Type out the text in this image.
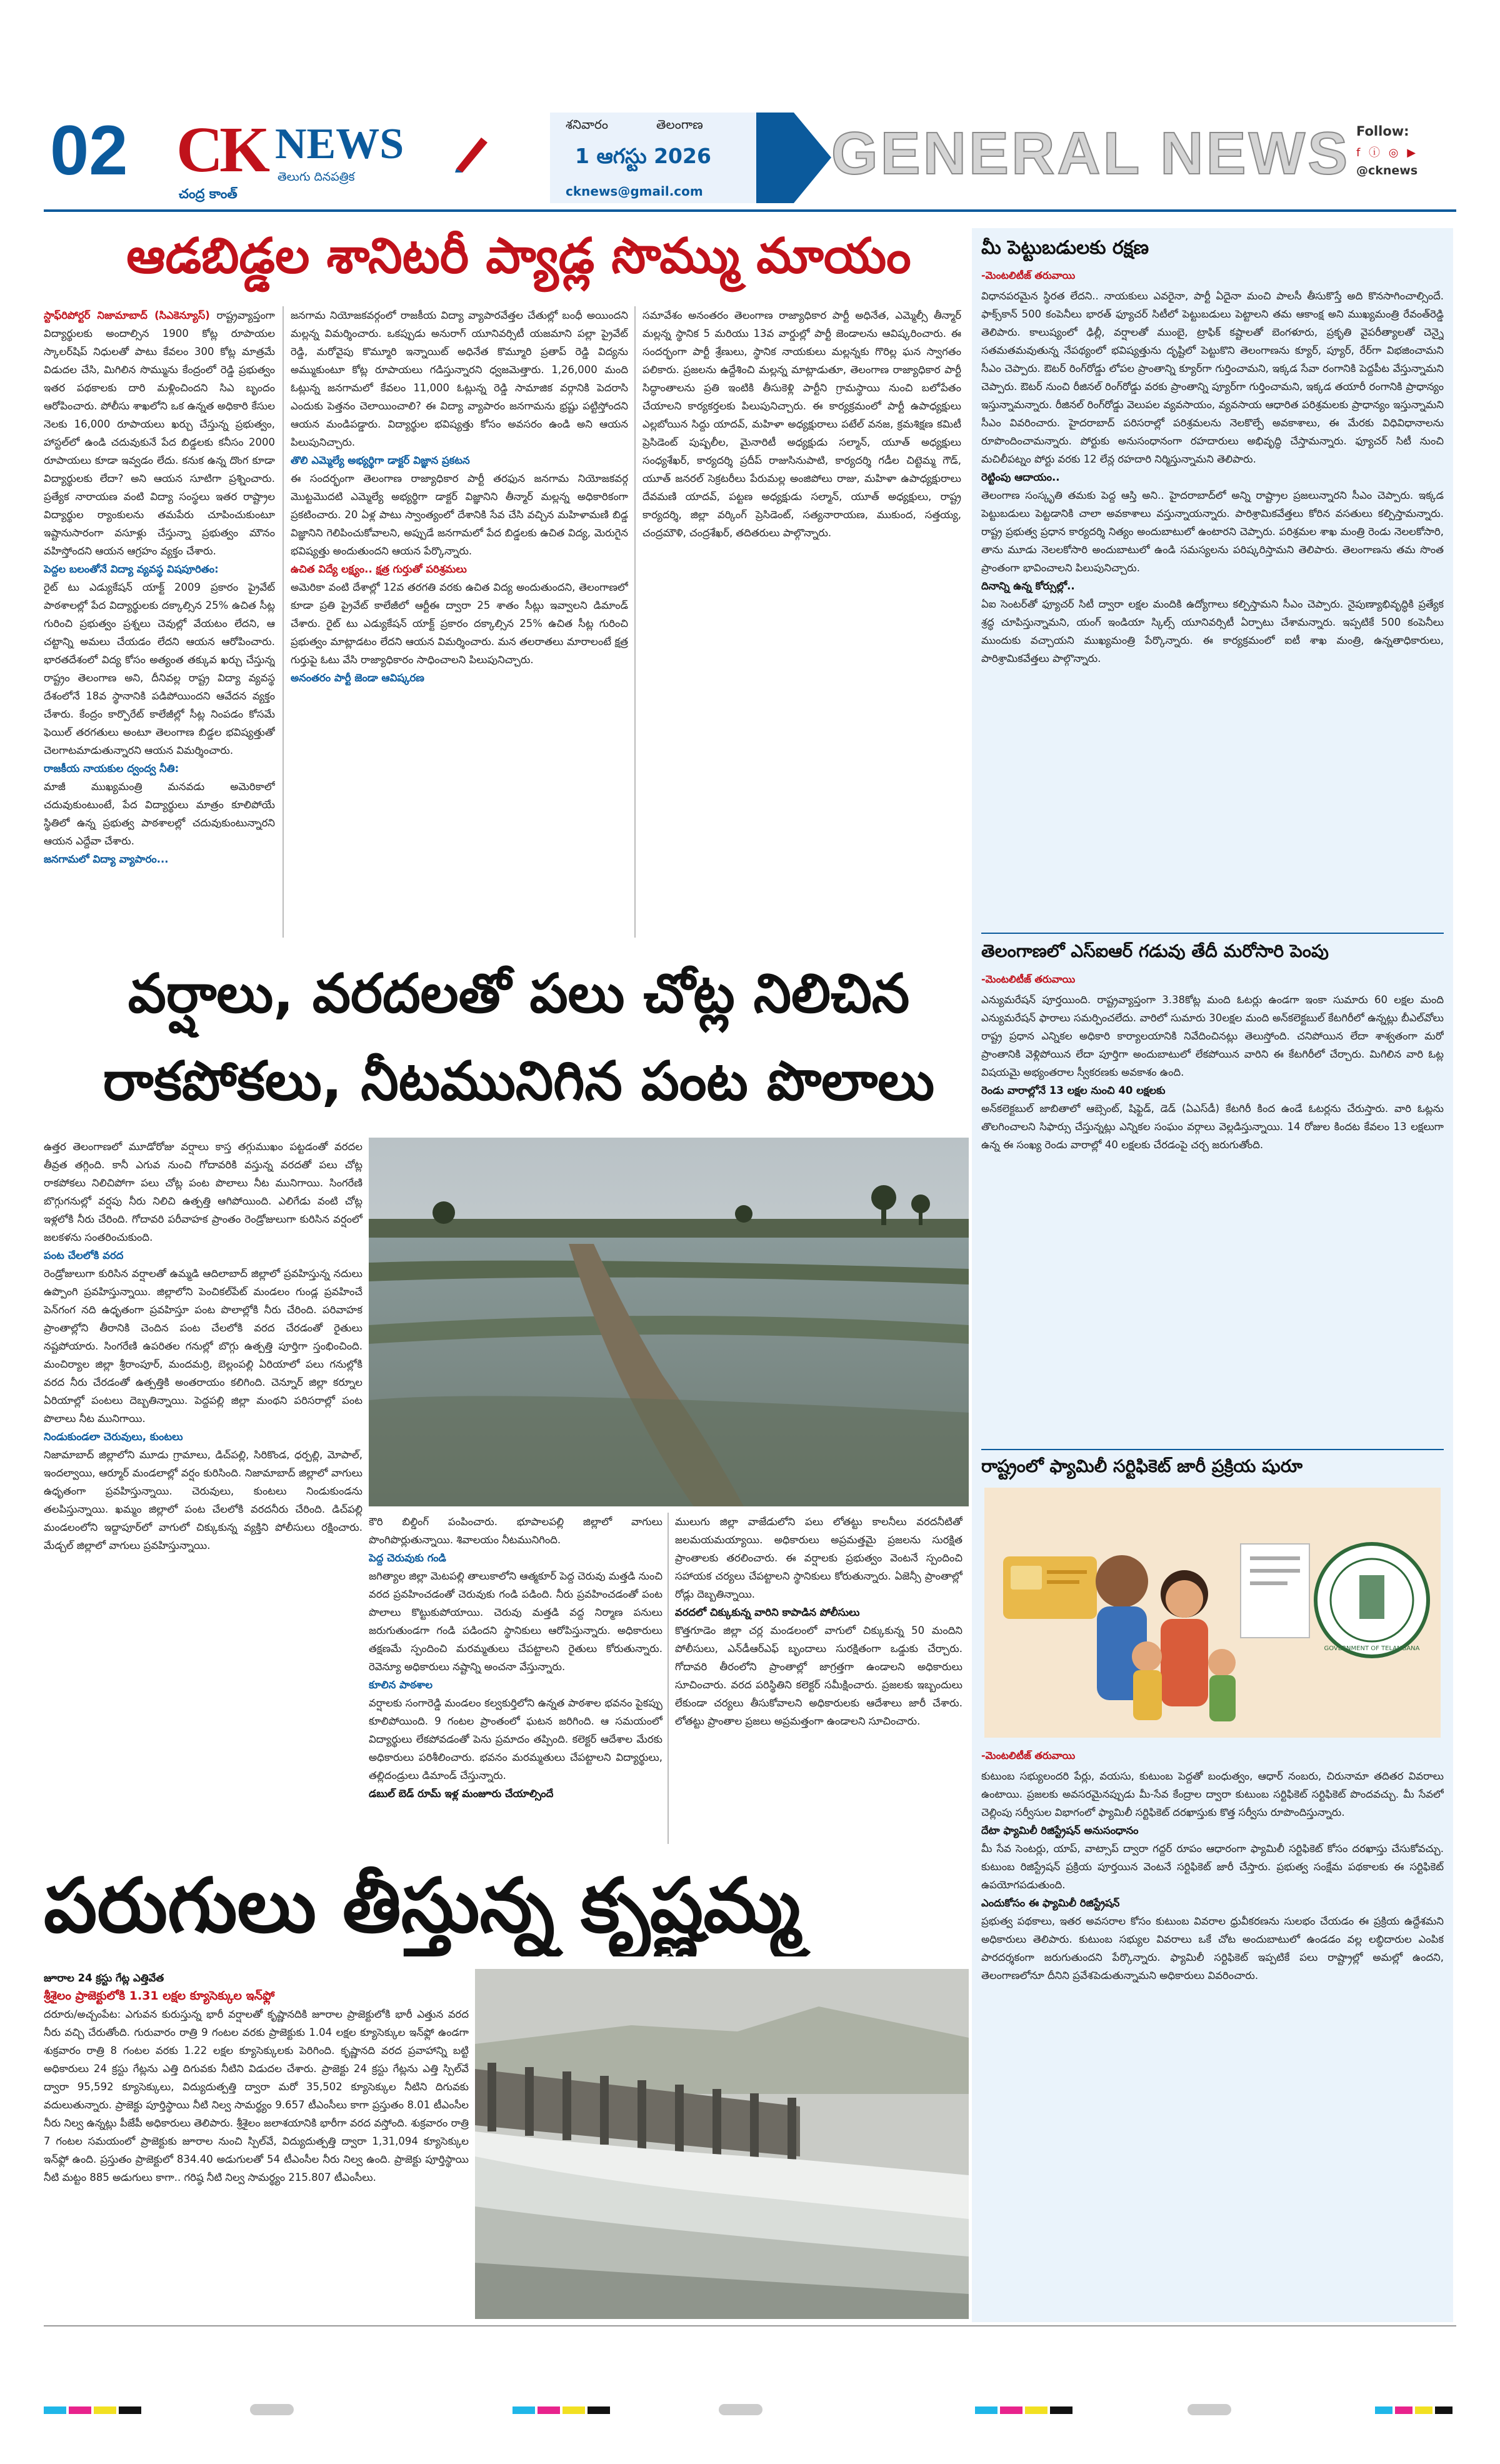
02 CK NEWS
తెలుగు దినపత్రిక
చంద్ర కాంత్
శనివారం	తెలంగాణ
1 ఆగస్టు 2026
cknews@gmail.com
GENERAL NEWS Follow:
f ⓘ ◎ ▶
@cknews
ఆడబిడ్డల శానిటరీ ప్యాడ్ల సొమ్ము మాయం
స్టాఫ్‌రిపోర్టర్ నిజామాబాద్ (సిఎ‌కెన్యూస్) రాష్ట్రవ్యాప్తంగా విద్యార్థులకు అందాల్సిన 1900 కోట్ల రూపాయల స్కాలర్‌షిప్ నిధులతో పాటు కేవలం 300 కోట్ల మాత్రమే విడుదల చేసి, మిగిలిన సొమ్మును కేంద్రంలో రెడ్డి ప్రభుత్వం ఇతర పథకాలకు దారి మళ్లించిందని సిఎ బృందం ఆరోపించారు. పోలీసు శాఖలోని ఒక ఉన్నత అధికారి కేసుల నెలకు 16,000 రూపాయలు ఖర్చు చేస్తున్న ప్రభుత్వం, హాస్టల్‌లో ఉండి చదువుకునే పేద బిడ్డలకు కనీసం 2000 రూపాయలు కూడా ఇవ్వడం లేదు. కనుక ఉన్న దొంగ కూడా విద్యార్థులకు లేదా? అని ఆయన సూటిగా ప్రశ్నించారు. ప్రత్యేక నారాయణ వంటి విద్యా సంస్థలు ఇతర రాష్ట్రాల విద్యార్థుల ర్యాంకులను తమపేరు చూపించుకుంటూ ఇష్టానుసారంగా వసూళ్లు చేస్తున్నా ప్రభుత్వం మౌనం వహిస్తోందని ఆయన ఆగ్రహం వ్యక్తం చేశారు.
పెద్దల బలంతోనే విద్యా వ్యవస్థ విషపూరితం:
రైట్ టు ఎడ్యుకేషన్ యాక్ట్ 2009 ప్రకారం ప్రైవేట్ పాఠశాలల్లో పేద విద్యార్థులకు దక్కాల్సిన 25% ఉచిత సీట్ల గురించి ప్రభుత్వం ప్రశ్నలు చెవుల్లో వేయటం లేదని, ఆ చట్టాన్ని అమలు చేయడం లేదని ఆయన ఆరోపించారు. భారతదేశంలో విద్య కోసం అత్యంత తక్కువ ఖర్చు చేస్తున్న రాష్ట్రం తెలంగాణ అని, దీనివల్ల రాష్ట్ర విద్యా వ్యవస్థ దేశంలోనే 18వ స్థానానికి పడిపోయిందని ఆవేదన వ్యక్తం చేశారు. కేంద్రం కార్పొరేట్ కాలేజీల్లో సీట్ల నింపడం కోసమే ఫెయిల్ తరగతులు అంటూ తెలంగాణ బిడ్డల భవిష్యత్తుతో చెలగాటమాడుతున్నారని ఆయన విమర్శించారు.
రాజకీయ నాయకుల ద్వంద్వ నీతి:
మాజీ ముఖ్యమంత్రి మనవడు అమెరికాలో చదువుకుంటుంటే, పేద విద్యార్థులు మాత్రం కూలిపోయే స్థితిలో ఉన్న ప్రభుత్వ పాఠశాలల్లో చదువుకుంటున్నారని ఆయన ఎద్దేవా చేశారు.
జనగామలో విద్యా వ్యాపారం...
జనగామ నియోజకవర్గంలో రాజకీయ విద్యా వ్యాపారవేత్తల చేతుల్లో బంధీ అయిందని మల్లన్న విమర్శించారు. ఒకప్పుడు అనురాగ్ యూనివర్సిటీ యజమాని పల్లా ప్రైవేట్ రెడ్డి, మరోవైపు కొమ్మూరి ఇన్నాయిట్ అధినేత కొమ్మూరి ప్రతాప్ రెడ్డి విద్యను అమ్ముకుంటూ కోట్ల రూపాయలు గడిస్తున్నారని ధ్వజమెత్తారు. 1,26,000 మంది ఓట్లున్న జనగామలో కేవలం 11,000 ఓట్లున్న రెడ్డి సామాజిక వర్గానికి పెదరాసి ఎందుకు పెత్తనం చెలాయించాలి? ఈ విద్యా వ్యాపారం జనగామను భ్రష్టు పట్టిస్తోందని ఆయన మండిపడ్డారు. విద్యార్థుల భవిష్యత్తు కోసం అవసరం ఉండి అని ఆయన పిలుపునిచ్చారు.
తొలి ఎమ్మెల్యే అభ్యర్థిగా డాక్టర్ విజ్ఞాన ప్రకటన
ఈ సందర్భంగా తెలంగాణ రాజ్యాధికార పార్టీ తరఫున జనగామ నియోజకవర్గ మొట్టమొదటి ఎమ్మెల్యే అభ్యర్థిగా డాక్టర్ విజ్ఞానిని తీన్మార్ మల్లన్న అధికారికంగా ప్రకటించారు. 20 ఏళ్ల పాటు స్వాంత్యంలో దేశానికి సేవ చేసి వచ్చిన మహిళామణి బిడ్డ విజ్ఞానిని గెలిపించుకోవాలని, అప్పుడే జనగామలో పేద బిడ్డలకు ఉచిత విద్య, మెరుగైన భవిష్యత్తు అందుతుందని ఆయన పేర్కొన్నారు.
ఉచిత విద్యే లక్ష్యం.. క్షత్ర గుర్తుతో పరిశ్రమలు
అమెరికా వంటి దేశాల్లో 12వ తరగతి వరకు ఉచిత విద్య అందుతుందని, తెలంగాణలో కూడా ప్రతి ప్రైవేట్ కాలేజీలో ఆర్టీఈ ద్వారా 25 శాతం సీట్లు ఇవ్వాలని డిమాండ్ చేశారు. రైట్ టు ఎడ్యుకేషన్ యాక్ట్ ప్రకారం దక్కాల్సిన 25% ఉచిత సీట్ల గురించి ప్రభుత్వం మాట్లాడటం లేదని ఆయన విమర్శించారు. మన తలరాతలు మారాలంటే క్షత్ర గుర్తుపై ఓటు వేసి రాజ్యాధికారం సాధించాలని పిలుపునిచ్చారు.
అనంతరం పార్టీ జెండా ఆవిష్కరణ
సమావేశం అనంతరం తెలంగాణ రాజ్యాధికార పార్టీ అధినేత, ఎమ్మెల్సీ తీన్మార్ మల్లన్న స్థానిక 5 మరియు 13వ వార్డుల్లో పార్టీ జెండాలను ఆవిష్కరించారు. ఈ సందర్భంగా పార్టీ శ్రేణులు, స్థానిక నాయకులు మల్లన్నకు గొరిల్ల ఘన స్వాగతం పలికారు. ప్రజలను ఉద్దేశించి మల్లన్న మాట్లాడుతూ, తెలంగాణ రాజ్యాధికార పార్టీ సిద్ధాంతాలను ప్రతి ఇంటికి తీసుకెళ్లి పార్టీని గ్రామస్థాయి నుంచి బలోపేతం చేయాలని కార్యకర్తలకు పిలుపునిచ్చారు. ఈ కార్యక్రమంలో పార్టీ ఉపాధ్యక్షులు ఎల్లబోయిన సిద్దు యాదవ్, మహిళా అధ్యక్షురాలు పటేల్ వనజ, క్రమశిక్షణ కమిటీ ప్రెసిడెంట్ పుష్పలీల, మైనారిటీ అధ్యక్షుడు సల్మాన్, యూత్ అధ్యక్షులు సంధ్యశేఖర్, కార్యదర్శి ప్రదీప్ రాజుసినుపాటి, కార్యదర్శి గడీల చిట్టెమ్మ గౌడ్, యూత్ జనరల్ సెక్రటరీలు పేరుమల్ల అంజిపోలు రాజు, మహిళా ఉపాధ్యక్షురాలు దేవమణి యాదవ్, పట్టణ అధ్యక్షుడు సల్మాన్, యూత్ అధ్యక్షులు, రాష్ట్ర కార్యదర్శి, జిల్లా వర్కింగ్ ప్రెసిడెంట్, సత్యనారాయణ, ముకుంద, సత్తయ్య, చంద్రమౌళి, చంద్రశేఖర్, తదితరులు పాల్గొన్నారు.
వర్షాలు, వరదలతో పలు చోట్ల నిలిచిన
రాకపోకలు, నీటమునిగిన పంట పొలాలు
ఉత్తర తెలంగాణలో మూడోరోజు వర్షాలు కాస్త తగ్గుముఖం పట్టడంతో వరదల తీవ్రత తగ్గింది. కానీ ఎగువ నుంచి గోదావరికి వస్తున్న వరదతో పలు చోట్ల రాకపోకలు నిలిచిపోగా పలు చోట్ల పంట పొలాలు నీట మునిగాయి. సింగరేణి బొగ్గుగనుల్లో వర్షపు నీరు నిలిచి ఉత్పత్తి ఆగిపోయింది. ఎలిగేడు వంటి చోట్ల ఇళ్లలోకి నీరు చేరింది. గోదావరి పరీవాహక ప్రాంతం రెండ్రోజులుగా కురిసిన వర్షంలో జలకళను సంతరించుకుంది.
పంట చేలలోకి వరద
రెండ్రోజులుగా కురిసిన వర్షాలతో ఉమ్మడి ఆదిలాబాద్ జిల్లాలో ప్రవహిస్తున్న నదులు ఉప్పొంగి ప్రవహిస్తున్నాయి. జిల్లాలోని పెంచికల్‌పేట్ మండలం గుండ్ల ప్రవహించే పెన్‌గంగ నది ఉధృతంగా ప్రవహిస్తూ పంట పొలాల్లోకి నీరు చేరింది. పరివాహక ప్రాంతాల్లోని తీరానికి చెందిన పంట చేలలోకి వరద చేరడంతో రైతులు నష్టపోయారు. సింగరేణి ఉపరితల గనుల్లో బొగ్గు ఉత్పత్తి పూర్తిగా స్తంభించింది. మంచిర్యాల జిల్లా శ్రీరాంపూర్, మందమర్రి, బెల్లంపల్లి ఏరియాలో పలు గనుల్లోకి వరద నీరు చేరడంతో ఉత్పత్తికి అంతరాయం కలిగింది. చెన్నూర్ జిల్లా కర్నూల ఏరియాల్లో పంటలు దెబ్బతిన్నాయి. పెద్దపల్లి జిల్లా మంథని పరిసరాల్లో పంట పొలాలు నీట మునిగాయి.
నిండుకుండలా చెరువులు, కుంటలు
నిజామాబాద్ జిల్లాలోని మూడు గ్రామాలు, డిచ్‌పల్లి, సిరికొండ, ధర్పల్లి, మోపాల్, ఇందల్వాయి, ఆర్మూర్ మండలాల్లో వర్షం కురిసింది. నిజామాబాద్ జిల్లాలో వాగులు ఉధృతంగా ప్రవహిస్తున్నాయి. చెరువులు, కుంటలు నిండుకుండను తలపిస్తున్నాయి. ఖమ్మం జిల్లాలో పంట చేలలోకి వరదనీరు చేరింది. డిచ్‌పల్లి మండలంలోని ఇద్దాపూర్‌లో వాగులో చిక్కుకున్న వ్యక్తిని పోలీసులు రక్షించారు. మేడ్చల్ జిల్లాలో వాగులు ప్రవహిస్తున్నాయి.
కౌరి బిల్డింగ్ పంపించారు. భూపాలపల్లి జిల్లాలో వాగులు పొంగిపొర్లుతున్నాయి. శివాలయం నీటమునిగింది.
పెద్ద చెరువుకు గండి
జగిత్యాల జిల్లా మెటపల్లి తాలుకాలోని ఆత్మకూర్‌ పెద్ద చెరువు మత్తడి నుంచి వరద ప్రవహించడంతో చెరువుకు గండి పడింది. నీరు ప్రవహించడంతో పంట పొలాలు కొట్టుకుపోయాయి. చెరువు మత్తడి వద్ద నిర్మాణ పనులు జరుగుతుండగా గండి పడిందని స్థానికులు ఆరోపిస్తున్నారు. అధికారులు తక్షణమే స్పందించి మరమ్మతులు చేపట్టాలని రైతులు కోరుతున్నారు. రెవెన్యూ అధికారులు నష్టాన్ని అంచనా వేస్తున్నారు.
కూలిన పాఠశాల
వర్షాలకు సంగారెడ్డి మండలం కల్వకుర్తిలోని ఉన్నత పాఠశాల భవనం పైకప్పు కూలిపోయింది. 9 గంటల ప్రాంతంలో ఘటన జరిగింది. ఆ సమయంలో విద్యార్థులు లేకపోవడంతో పెను ప్రమాదం తప్పింది. కలెక్టర్ ఆదేశాల మేరకు అధికారులు పరిశీలించారు. భవనం మరమ్మతులు చేపట్టాలని విద్యార్థులు, తల్లిదండ్రులు డిమాండ్ చేస్తున్నారు.
డబుల్ బెడ్ రూమ్ ఇళ్ల మంజూరు చేయాల్సిందే
ములుగు జిల్లా వాజేడులోని పలు లోతట్టు కాలనీలు వరదనీటితో జలమయమయ్యాయి. అధికారులు అప్రమత్తమై ప్రజలను సురక్షిత ప్రాంతాలకు తరలించారు. ఈ వర్షాలకు ప్రభుత్వం వెంటనే స్పందించి సహాయక చర్యలు చేపట్టాలని స్థానికులు కోరుతున్నారు. ఏజెన్సీ ప్రాంతాల్లో రోడ్లు దెబ్బతిన్నాయి.
వరదలో చిక్కుకున్న వారిని కాపాడిన పోలీసులు
కొత్తగూడెం జిల్లా చర్ల మండలంలో వాగులో చిక్కుకున్న 50 మందిని పోలీసులు, ఎన్‌డీఆర్‌ఎఫ్ బృందాలు సురక్షితంగా ఒడ్డుకు చేర్చారు. గోదావరి తీరంలోని ప్రాంతాల్లో జాగ్రత్తగా ఉండాలని అధికారులు సూచించారు. వరద పరిస్థితిని కలెక్టర్ సమీక్షించారు. ప్రజలకు ఇబ్బందులు లేకుండా చర్యలు తీసుకోవాలని అధికారులకు ఆదేశాలు జారీ చేశారు. లోతట్టు ప్రాంతాల ప్రజలు అప్రమత్తంగా ఉండాలని సూచించారు.
పరుగులు తీస్తున్న కృష్ణమ్మ
జూరాల 24 క్రస్టు గేట్ల ఎత్తివేత
శ్రీశైలం ప్రాజెక్టులోకి 1.31 లక్షల క్యూసెక్కుల ఇన్‌ఫ్లో
దరూరు/అచ్చంపేట: ఎగువన కురుస్తున్న భారీ వర్షాలతో కృష్ణానదికి జూరాల ప్రాజెక్టులోకి భారీ ఎత్తున వరద నీరు వచ్చి చేరుతోంది. గురువారం రాత్రి 9 గంటల వరకు ప్రాజెక్టుకు 1.04 లక్షల క్యూసెక్కుల ఇన్‌ఫ్లో ఉండగా శుక్రవారం రాత్రి 8 గంటల వరకు 1.22 లక్షల క్యూసెక్కులకు పెరిగింది. కృష్ణానది వరద ప్రవాహాన్ని బట్టి అధికారులు 24 క్రస్టు గేట్లను ఎత్తి దిగువకు నీటిని విడుదల చేశారు. ప్రాజెక్టు 24 క్రస్టు గేట్లను ఎత్తి స్పిల్‌వే ద్వారా 95,592 క్యూసెక్కులు, విద్యుదుత్పత్తి ద్వారా మరో 35,502 క్యూసెక్కుల నీటిని దిగువకు వదులుతున్నారు. ప్రాజెక్టు పూర్తిస్థాయి నీటి నిల్వ సామర్థ్యం 9.657 టీఎంసీలు కాగా ప్రస్తుతం 8.01 టీఎంసీల నీరు నిల్వ ఉన్నట్లు పీజేపీ అధికారులు తెలిపారు. శ్రీశైలం జలాశయానికి భారీగా వరద వస్తోంది. శుక్రవారం రాత్రి 7 గంటల సమయంలో ప్రాజెక్టుకు జూరాల నుంచి స్పిల్‌వే, విద్యుదుత్పత్తి ద్వారా 1,31,094 క్యూసెక్కుల ఇన్‌ఫ్లో ఉంది. ప్రస్తుతం ప్రాజెక్టులో 834.40 అడుగులతో 54 టీఎంసీల నీరు నిల్వ ఉంది. ప్రాజెక్టు పూర్తిస్థాయి నీటి మట్టం 885 అడుగులు కాగా.. గరిష్ఠ నీటి నిల్వ సామర్థ్యం 215.807 టీఎంసీలు.
మీ పెట్టుబడులకు రక్షణ
-మెంటలిటీజ్ తరువాయి
విధానపరమైన స్థిరత లేదని.. నాయకులు ఎవరైనా, పార్టీ ఏదైనా మంచి పాలసీ తీసుకొస్తే అది కొనసాగించాల్సిందే. ఫాక్స్‌కాన్ 500 కంపెనీలు భారత్ ఫ్యూచర్ సిటీలో పెట్టుబడులు పెట్టాలని తమ ఆకాంక్ష అని ముఖ్యమంత్రి రేవంత్‌రెడ్డి తెలిపారు. కాలుష్యంలో ఢిల్లీ, వర్షాలతో ముంబై, ట్రాఫిక్ కష్టాలతో బెంగళూరు, ప్రకృతి వైపరీత్యాలతో చెన్నై సతమతమవుతున్న నేపథ్యంలో భవిష్యత్తును దృష్టిలో పెట్టుకొని తెలంగాణను క్యూర్, ప్యూర్, రేర్‌గా విభజించామని సీఎం చెప్పారు. ఔటర్ రింగ్‌రోడ్డు లోపల ప్రాంతాన్ని క్యూర్‌గా గుర్తించామని, ఇక్కడ సేవా రంగానికి పెద్దపీట వేస్తున్నామని చెప్పారు. ఔటర్ నుంచి రీజినల్ రింగ్‌రోడ్డు వరకు ప్రాంతాన్ని ప్యూర్‌గా గుర్తించామని, ఇక్కడ తయారీ రంగానికి ప్రాధాన్యం ఇస్తున్నామన్నారు. రీజినల్ రింగ్‌రోడ్డు వెలుపల వ్యవసాయం, వ్యవసాయ ఆధారిత పరిశ్రమలకు ప్రాధాన్యం ఇస్తున్నామని సీఎం వివరించారు. హైదరాబాద్ పరిసరాల్లో పరిశ్రమలను నెలకొల్పే అవకాశాలు, ఈ మేరకు విధివిధానాలను రూపొందించామన్నారు. పోర్టుకు అనుసంధానంగా రహదారులు అభివృద్ధి చేస్తామన్నారు. ఫ్యూచర్ సిటీ నుంచి మచిలీపట్నం పోర్టు వరకు 12 లేన్ల రహదారి నిర్మిస్తున్నామని తెలిపారు.
రెట్టింపు ఆదాయం..
తెలంగాణ సంస్కృతి తమకు పెద్ద ఆస్తి అని.. హైదరాబాద్‌లో అన్ని రాష్ట్రాల ప్రజలున్నారని సీఎం చెప్పారు. ఇక్కడ పెట్టుబడులు పెట్టడానికి చాలా అవకాశాలు వస్తున్నాయన్నారు. పారిశ్రామికవేత్తలు కోరిన వసతులు కల్పిస్తామన్నారు. రాష్ట్ర ప్రభుత్వ ప్రధాన కార్యదర్శి నిత్యం అందుబాటులో ఉంటారని చెప్పారు. పరిశ్రమల శాఖ మంత్రి రెండు నెలలకోసారి, తాను మూడు నెలలకోసారి అందుబాటులో ఉండి సమస్యలను పరిష్కరిస్తామని తెలిపారు. తెలంగాణను తమ సొంత ప్రాంతంగా భావించాలని పిలుపునిచ్చారు.
దినాన్ని ఉన్న కోర్సుల్లో..
ఏఐ సెంటర్‌తో ఫ్యూచర్ సిటీ ద్వారా లక్షల మందికి ఉద్యోగాలు కల్పిస్తామని సీఎం చెప్పారు. నైపుణ్యాభివృద్ధికి ప్రత్యేక శ్రద్ధ చూపిస్తున్నామని, యంగ్ ఇండియా స్కిల్స్ యూనివర్సిటీ ఏర్పాటు చేశామన్నారు. ఇప్పటికే 500 కంపెనీలు ముందుకు వచ్చాయని ముఖ్యమంత్రి పేర్కొన్నారు. ఈ కార్యక్రమంలో ఐటీ శాఖ మంత్రి, ఉన్నతాధికారులు, పారిశ్రామికవేత్తలు పాల్గొన్నారు.
తెలంగాణలో ఎస్ఐఆర్ గడువు తేదీ మరోసారి పెంపు
-మెంటలిటీజ్ తరువాయి
ఎన్యుమరేషన్ పూర్తయింది. రాష్ట్రవ్యాప్తంగా 3.38కోట్ల మంది ఓటర్లు ఉండగా ఇంకా సుమారు 60 లక్షల మంది ఎన్యుమరేషన్ ఫారాలు సమర్పించలేదు. వారిలో సుమారు 30లక్షల మంది అన్‌కలెక్టబుల్ కేటగిరీలో ఉన్నట్లు బీఎల్‌వోలు రాష్ట్ర ప్రధాన ఎన్నికల అధికారి కార్యాలయానికి నివేదించినట్లు తెలుస్తోంది. చనిపోయిన లేదా శాశ్వతంగా మరో ప్రాంతానికి వెళ్లిపోయిన లేదా పూర్తిగా అందుబాటులో లేకపోయిన వారిని ఈ కేటగిరీలో చేర్చారు. మిగిలిన వారి ఓట్ల విషయమై అభ్యంతరాల స్వీకరణకు అవకాశం ఉంది.
రెండు వారాల్లోనే 13 లక్షల నుంచి 40 లక్షలకు
అన్‌కలెక్టబుల్ జాబితాలో ఆబ్సెంట్, షిఫ్టెడ్, డెడ్ (ఏఎస్‌డీ) కేటగిరీ కింద ఉండే ఓటర్లను చేరుస్తారు. వారి ఓట్లను తొలగించాలని సిఫార్సు చేస్తున్నట్లు ఎన్నికల సంఘం వర్గాలు వెల్లడిస్తున్నాయి. 14 రోజుల కిందట కేవలం 13 లక్షలుగా ఉన్న ఈ సంఖ్య రెండు వారాల్లో 40 లక్షలకు చేరడంపై చర్చ జరుగుతోంది.
రాష్ట్రంలో ఫ్యామిలీ సర్టిఫికెట్ జారీ ప్రక్రియ షురూ
GOVERNMENT OF TELANGANA
-మెంటలిటీజ్ తరువాయి
కుటుంబ సభ్యులందరి పేర్లు, వయసు, కుటుంబ పెద్దతో బంధుత్వం, ఆధార్ నంబరు, చిరునామా తదితర వివరాలు ఉంటాయి. ప్రజలకు అవసరమైనప్పుడు మీ-సేవ కేంద్రాల ద్వారా కుటుంబ సర్టిఫికెట్ సర్టిఫికెట్ పొందవచ్చు. మీ సేవలో చెల్లింపు సర్వీసుల విభాగంలో ఫ్యామిలీ సర్టిఫికెట్ దరఖాస్తుకు కొత్త సర్వీసు రూపొందిస్తున్నారు.
దేటా ఫ్యామిలీ రిజిస్ట్రేషన్ అనుసంధానం
మీ సేవ సెంటర్లు, యాప్, వాట్సాప్ ద్వారా గద్దర్ రూపం ఆధారంగా ఫ్యామిలీ సర్టిఫికెట్ కోసం దరఖాస్తు చేసుకోవచ్చు. కుటుంబ రిజిస్ట్రేషన్ ప్రక్రియ పూర్తయిన వెంటనే సర్టిఫికెట్ జారీ చేస్తారు. ప్రభుత్వ సంక్షేమ పథకాలకు ఈ సర్టిఫికెట్ ఉపయోగపడుతుంది.
ఎందుకోసం ఈ ఫ్యామిలీ రిజిస్ట్రేషన్
ప్రభుత్వ పథకాలు, ఇతర అవసరాల కోసం కుటుంబ వివరాల ధ్రువీకరణను సులభం చేయడం ఈ ప్రక్రియ ఉద్దేశమని అధికారులు తెలిపారు. కుటుంబ సభ్యుల వివరాలు ఒకే చోట అందుబాటులో ఉండడం వల్ల లబ్ధిదారుల ఎంపిక పారదర్శకంగా జరుగుతుందని పేర్కొన్నారు. ఫ్యామిలీ సర్టిఫికెట్ ఇప్పటికే పలు రాష్ట్రాల్లో అమల్లో ఉందని, తెలంగాణలోనూ దీనిని ప్రవేశపెడుతున్నామని అధికారులు వివరించారు.
